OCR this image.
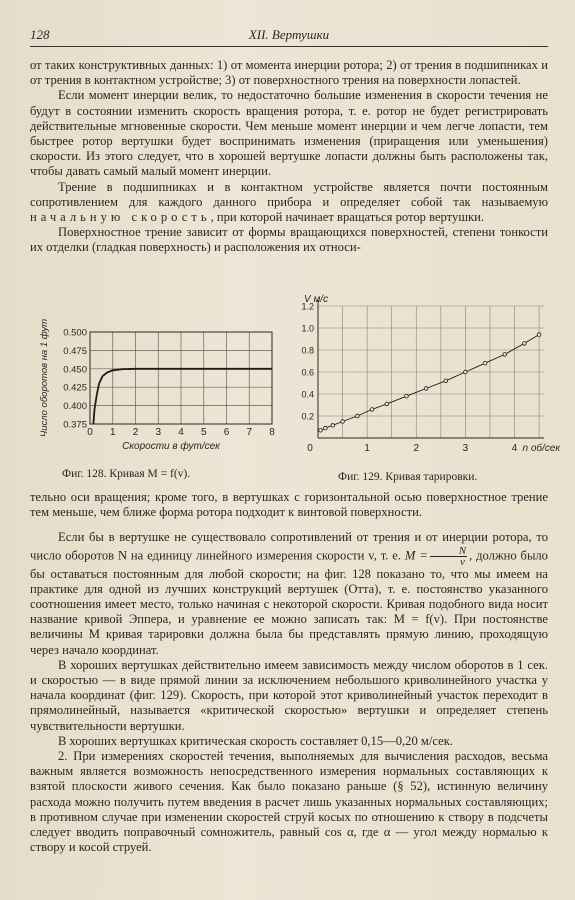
128	XII. Вертушки

от таких конструктивных данных: 1) от момента инерции ротора; 2) от трения в подшипниках и от трения в контактном устройстве; 3) от поверхностного трения на поверхности лопастей.

Если момент инерции велик, то недостаточно большие изменения в скорости течения не будут в состоянии изменить скорость вращения ротора, т. е. ротор не будет регистрировать действительные мгновенные скорости. Чем меньше момент инерции и чем легче лопасти, тем быстрее ротор вертушки будет воспринимать изменения (приращения или уменьшения) скорости. Из этого следует, что в хорошей вертушке лопасти должны быть расположены так, чтобы давать самый малый момент инерции.

Трение в подшипниках и в контактном устройстве является почти постоянным сопротивлением для каждого данного прибора и определяет собой так называемую начальную скорость, при которой начинает вращаться ротор вертушки.

Поверхностное трение зависит от формы вращающихся поверхностей, степени тонкости их отделки (гладкая поверхность) и расположения их относи-

0 1 2 3 4 5 6 7 8
0.375
0.400
0.425
0.450
0.475
0.500
Скорости в фут/сек
Число оборотов на 1 фут
Фиг. 128. Кривая M = f(v).
0	1	2	3	4
0.2
0.4
0.6
0.8
1.0
1.2
V м/с
n об/сек
Фиг. 129. Кривая тарировки.

тельно оси вращения; кроме того, в вертушках с горизонтальной осью поверхностное трение тем меньше, чем ближе форма ротора подходит к винтовой поверхности.

Если бы в вертушке не существовало сопротивлений от трения и от инерции ротора, то число оборотов N на единицу линейного измерения скорости v, т. е. $M = \frac{N}{v}$ , должно было бы оставаться постоянным для любой скорости; на фиг. 128 показано то, что мы имеем на практике для одной из лучших конструкций вертушек (Отта), т. е. постоянство указанного соотношения имеет место, только начиная с некоторой скорости. Кривая подобного вида носит название кривой Эппера, и уравнение ее можно записать так: M = f(v). При постоянстве величины M кривая тарировки должна была бы представлять прямую линию, проходящую через начало координат.

В хороших вертушках действительно имеем зависимость между числом оборотов в 1 сек. и скоростью — в виде прямой линии за исключением небольшого криволинейного участка у начала координат (фиг. 129). Скорость, при которой этот криволинейный участок переходит в прямолинейный, называется «критической скоростью» вертушки и определяет степень чувствительности вертушки.

В хороших вертушках критическая скорость составляет 0,15—0,20 м/сек.

2. При измерениях скоростей течения, выполняемых для вычисления расходов, весьма важным является возможность непосредственного измерения нормальных составляющих к взятой плоскости живого сечения. Как было показано раньше (§ 52), истинную величину расхода можно получить путем введения в расчет лишь указанных нормальных составляющих; в противном случае при изменении скоростей струй косых по отношению к створу в подсчеты следует вводить поправочный сомножитель, равный cos α, где α — угол между нормалью к створу и косой струей.
